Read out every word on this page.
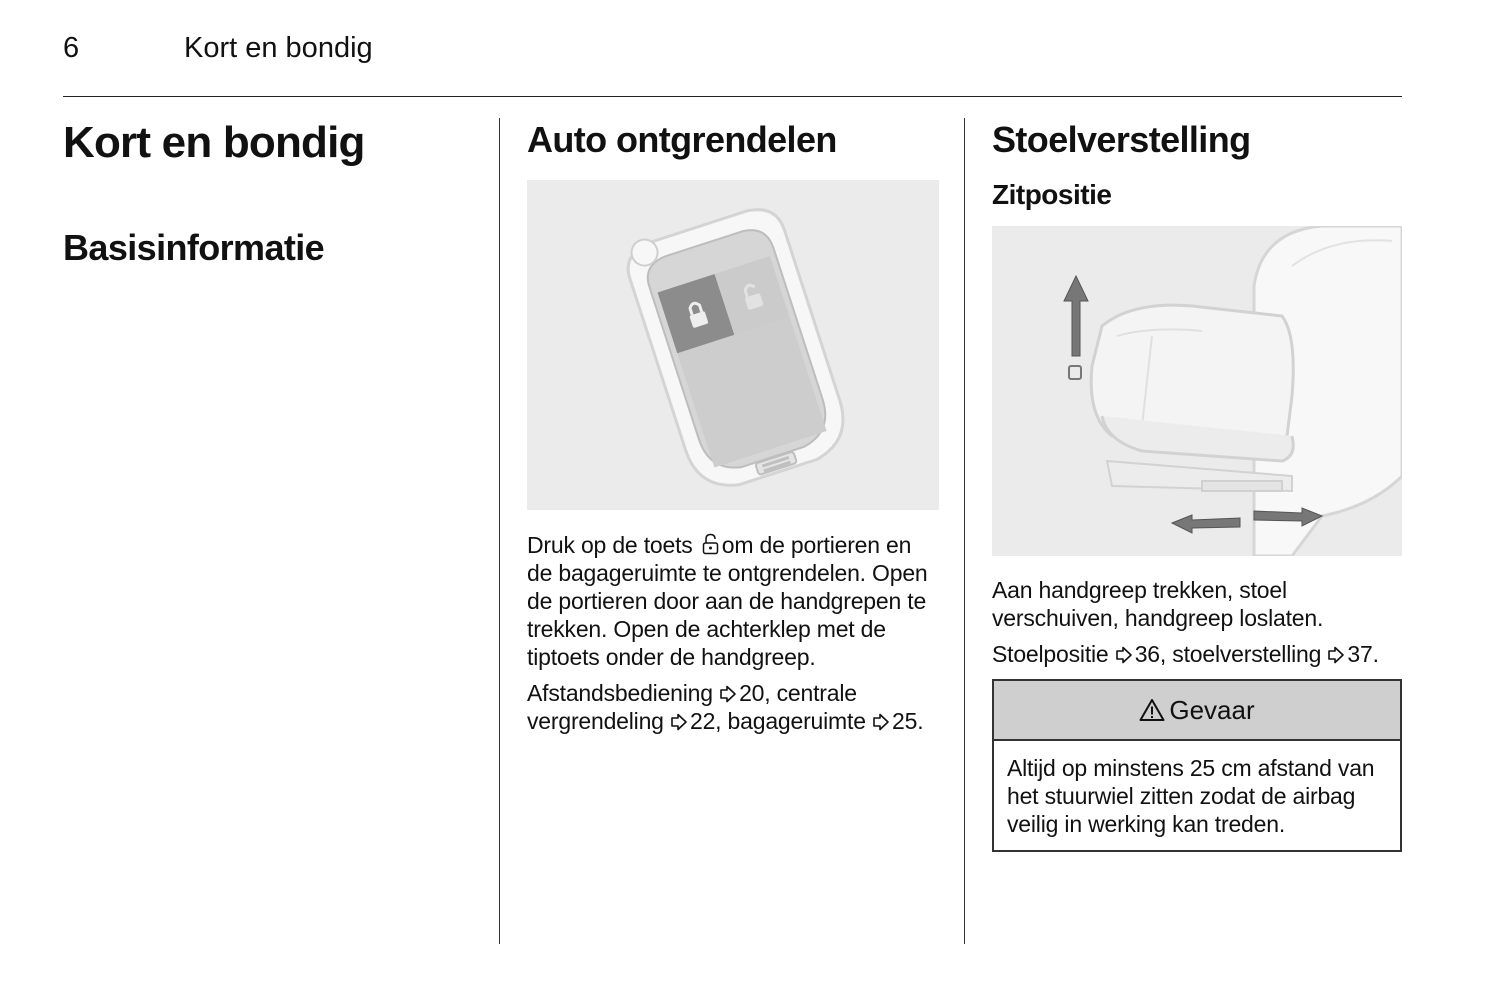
6	Kort en bondig
Kort en bondig
Basisinformatie
Auto ontgrendelen

Druk op de toets om de portieren en de bagageruimte te ontgrendelen. Open de portieren door aan de handgrepen te trekken. Open de achterklep met de tiptoets onder de handgreep.

Afstandsbediening 20, centrale vergrendeling 22, bagageruimte 25.

Stoelverstelling
Zitpositie

Aan handgreep trekken, stoel verschuiven, handgreep loslaten.

Stoelpositie 36, stoelverstelling 37.

Gevaar
Altijd op minstens 25 cm afstand van het stuurwiel zitten zodat de airbag veilig in werking kan treden.
